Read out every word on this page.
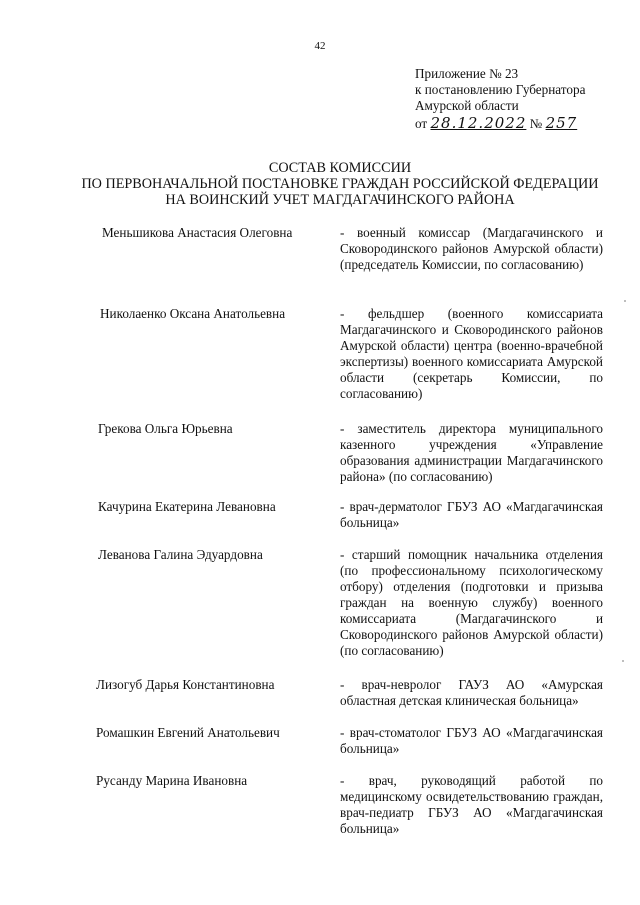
42
Приложение № 23
к постановлению Губернатора
Амурской области
от 28.12.2022 № 257
СОСТАВ КОМИССИИ
ПО ПЕРВОНАЧАЛЬНОЙ ПОСТАНОВКЕ ГРАЖДАН РОССИЙСКОЙ ФЕДЕРАЦИИ
НА ВОИНСКИЙ УЧЕТ МАГДАГАЧИНСКОГО РАЙОНА
Меньшикова Анастасия Олеговна	- военный комиссар (Магдагачинского и Сковородинского районов Амурской области) (председатель Комиссии, по согласованию)
Николаенко Оксана Анатольевна	- фельдшер (военного комиссариата Магдагачинского и Сковородинского районов Амурской области) центра (военно-врачебной экспертизы) военного комиссариата Амурской области (секретарь Комиссии, по согласованию)
Грекова Ольга Юрьевна	- заместитель директора муниципального казенного учреждения «Управление образования администрации Магдагачинского района» (по согласованию)
Качурина Екатерина Левановна	- врач-дерматолог ГБУЗ АО «Магдагачинская больница»
Леванова Галина Эдуардовна	- старший помощник начальника отделения (по профессиональному психологическому отбору) отделения (подготовки и призыва граждан на военную службу) военного комиссариата (Магдагачинского и Сковородинского районов Амурской области) (по согласованию)
Лизогуб Дарья Константиновна	- врач-невролог ГАУЗ АО «Амурская областная детская клиническая больница»
Ромашкин Евгений Анатольевич	- врач-стоматолог ГБУЗ АО «Магдагачинская больница»
Русанду Марина Ивановна	- врач, руководящий работой по медицинскому освидетельствованию граждан, врач-педиатр ГБУЗ АО «Магдагачинская больница»
